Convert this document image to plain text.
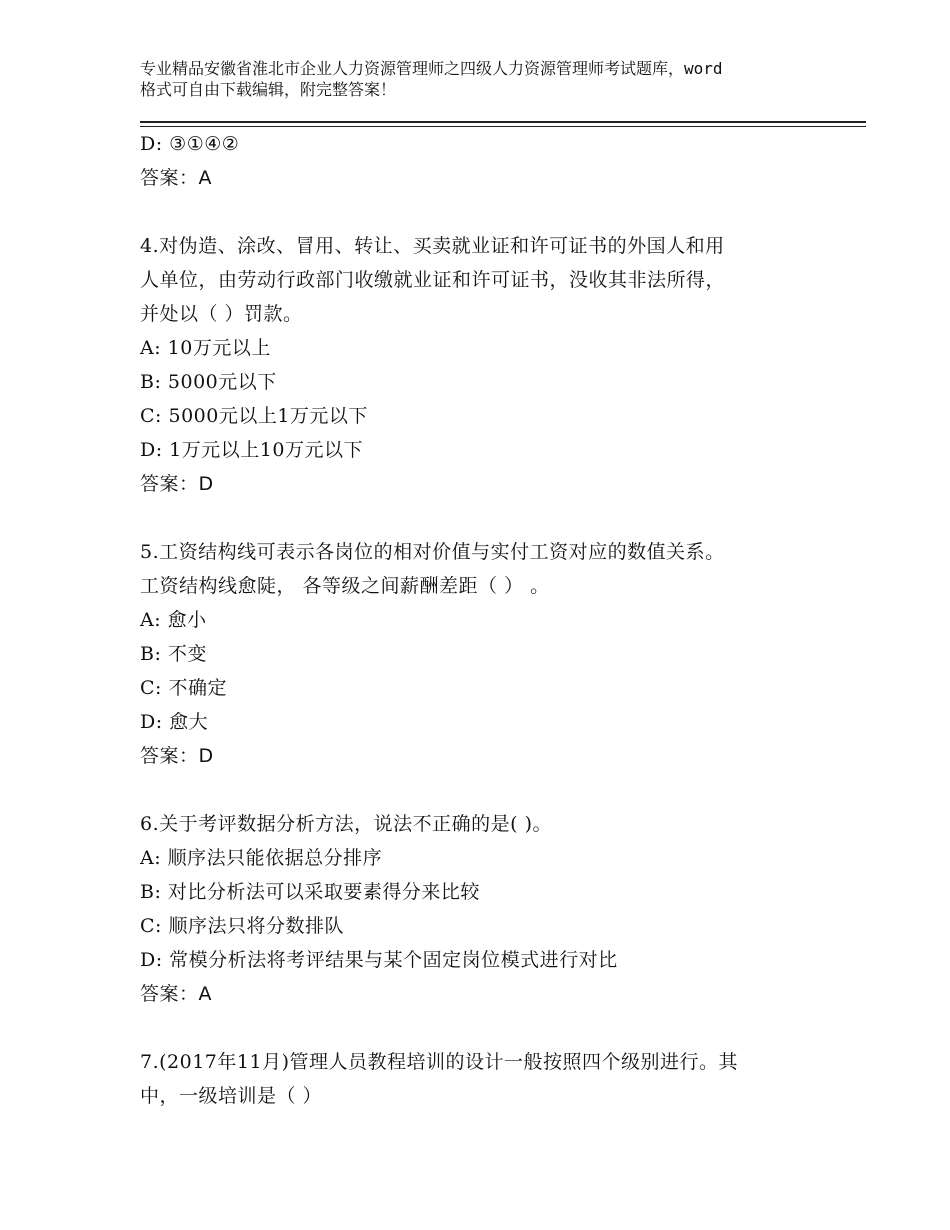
专业精品安徽省淮北市企业人力资源管理师之四级人力资源管理师考试题库，word
格式可自由下载编辑，附完整答案！
D: ③①④②
答案：A
4.对伪造、涂改、冒用、转让、买卖就业证和许可证书的外国人和用
人单位，由劳动行政部门收缴就业证和许可证书，没收其非法所得，
并处以（ ）罚款。
A: 10万元以上
B: 5000元以下
C: 5000元以上1万元以下
D: 1万元以上10万元以下
答案：D
5.工资结构线可表示各岗位的相对价值与实付工资对应的数值关系。
工资结构线愈陡， 各等级之间薪酬差距（ ） 。
A: 愈小
B: 不变
C: 不确定
D: 愈大
答案：D
6.关于考评数据分析方法，说法不正确的是( )。
A: 顺序法只能依据总分排序
B: 对比分析法可以采取要素得分来比较
C: 顺序法只将分数排队
D: 常模分析法将考评结果与某个固定岗位模式进行对比
答案：A
7.(2017年11月)管理人员教程培训的设计一般按照四个级别进行。其
中，一级培训是（ ）
